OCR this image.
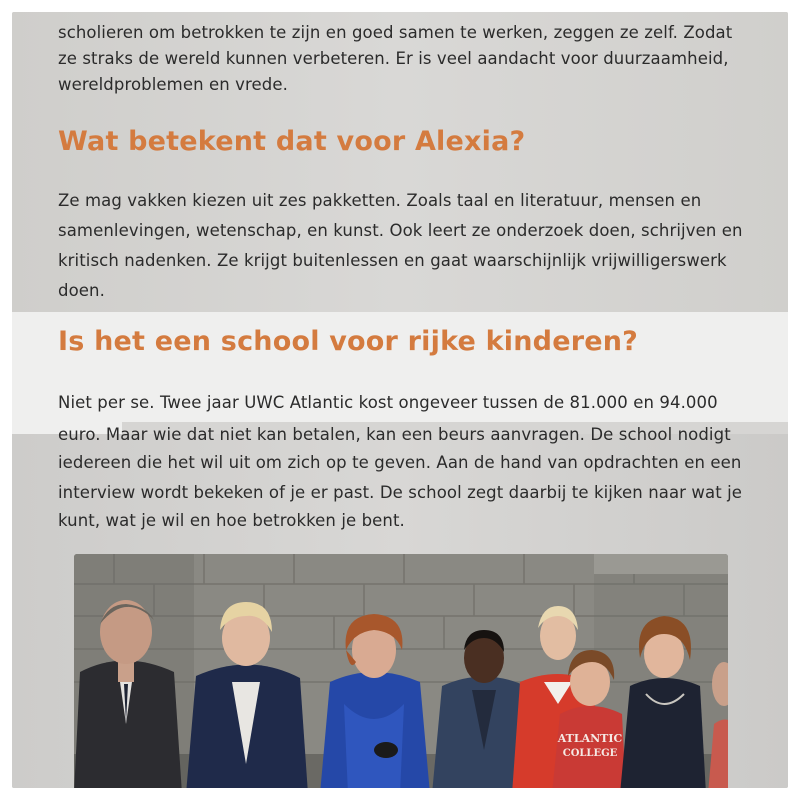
scholieren om betrokken te zijn en goed samen te werken, zeggen ze zelf. Zodat

ze straks de wereld kunnen verbeteren. Er is veel aandacht voor duurzaamheid,

wereldproblemen en vrede.

Wat betekent dat voor Alexia?

Ze mag vakken kiezen uit zes pakketten. Zoals taal en literatuur, mensen en

samenlevingen, wetenschap, en kunst. Ook leert ze onderzoek doen, schrijven en

kritisch nadenken. Ze krijgt buitenlessen en gaat waarschijnlijk vrijwilligerswerk

doen.

Is het een school voor rijke kinderen?

Niet per se. Twee jaar UWC Atlantic kost ongeveer tussen de 81.000 en 94.000

euro. Maar wie dat niet kan betalen, kan een beurs aanvragen. De school nodigt

iedereen die het wil uit om zich op te geven. Aan de hand van opdrachten en een

interview wordt bekeken of je er past. De school zegt daarbij te kijken naar wat je

kunt, wat je wil en hoe betrokken je bent.

ATLANTIC
COLLEGE
